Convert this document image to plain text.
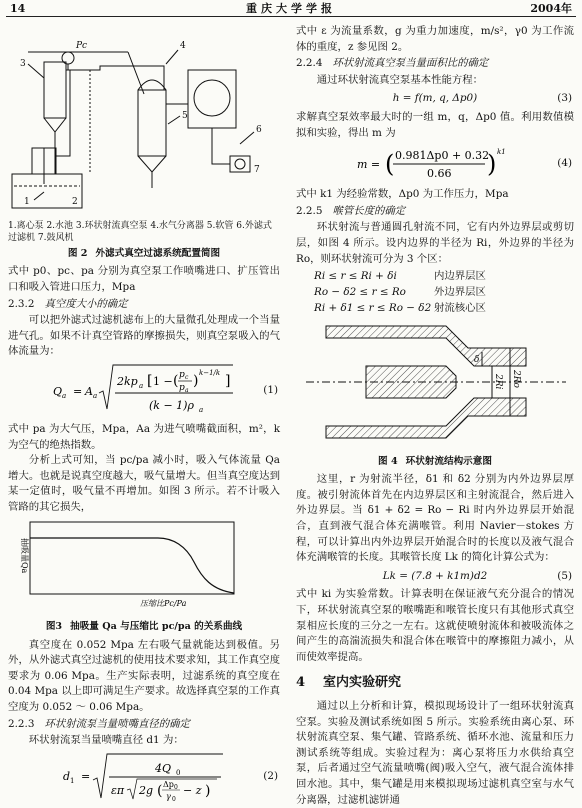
14	重庆大学学报	2004年
1	2
3
4
5
6
7
Pc
1.离心泵 2.水池 3.环状射流真空泵 4.水气分离器 5.软管 6.外滤式过滤机 7.鼓风机
图 2 外滤式真空过滤系统配置简图

式中 p0、pc、pa 分别为真空泵工作喷嘴进口、扩压管出口和吸入管进口压力，Mpa

2.3.2 真空度大小的确定

可以把外滤式过滤机滤布上的大量微孔处理成一个当量进气孔。如果不计真空管路的摩擦损失，则真空泵吸入的气体流量为：

Q a = A a
2kp a [ 1 − ( p c
p a
) k−1/k ]
(k − 1)ρ a
(1)

式中 pa 为大气压，Mpa，Aa 为进气喷嘴截面积，m²，k 为空气的绝热指数。

分析上式可知，当 pc/pa 减小时，吸入气体流量 Qa 增大。也就是说真空度越大，吸气量增大。但当真空度达到某一定值时，吸气量不再增加。如图 3 所示。若不计吸入管路的其它损失，

抽吸量Qa
压缩比Pc/Pa
图3 抽吸量 Qa 与压缩比 pc/pa 的关系曲线

真空度在 0.052 Mpa 左右吸气量就能达到极值。另外，从外滤式真空过滤机的使用技术要求知，其工作真空度要求为 0.06 Mpa。生产实际表明，过滤系统的真空度在 0.04 Mpa 以上即可满足生产要求。故选择真空泵的工作真空度为 0.052 ～ 0.06 Mpa。

2.2.3 环状射流泵当量喷嘴直径的确定

环状射流泵当量喷嘴直径 d1 为：

d 1 =
4Q 0
επ 2g ( Δp 0
γ 0
− z )
(2)

式中 ε 为流量系数，g 为重力加速度，m/s²，γ0 为工作流体的重度，z 参见图 2。

2.2.4 环状射流真空泵当量面积比的确定

通过环状射流真空泵基本性能方程：

h = f(m, q, Δp0)	(3)

求解真空泵效率最大时的一组 m，q，Δp0 值。利用数值模拟和实验，得出 m 为

m = ( 0.981Δp0 + 0.32
0.66 ) k1
(4)

式中 k1 为经验常数，Δp0 为工作压力，Mpa

2.2.5 喉管长度的确定

环状射流与普通圆孔射流不同，它有内外边界层或剪切层，如图 4 所示。设内边界的半径为 Ri，外边界的半径为 Ro，则环状射流可分为 3 个区：

Ri ≤ r ≤ Ri + δi	内边界层区
Ro − δ2 ≤ r ≤ Ro	外边界层区
Ri + δ1 ≤ r ≤ Ro − δ2 射流核心区
δ
2Ri 2Ro
图 4 环状射流结构示意图

这里，r 为射流半径，δ1 和 δ2 分别为内外边界层厚度。被引射流体首先在内边界层区和主射流混合，然后进入外边界层。当 δ1 + δ2 = Ro − Ri 时内外边界层开始混合，直到液气混合体充满喉管。利用 Navier－stokes 方程，可以计算出内外边界层开始混合时的长度以及液气混合体充满喉管的长度。其喉管长度 Lk 的简化计算公式为：

Lk = (7.8 + k1m)d2	(5)

式中 ki 为实验常数。计算表明在保证液气充分混合的情况下，环状射流真空泵的喉嘴距和喉管长度只有其他形式真空泵相应长度的三分之一左右。这就使喷射流体和被吸流体之间产生的高湍流损失和混合体在喉管中的摩擦阻力减小，从而使效率提高。

4 室内实验研究

通过以上分析和计算，模拟现场设计了一组环状射流真空泵。实验及测试系统如图 5 所示。实验系统由离心泵、环状射流真空泵、集气罐、管路系统、循环水池、流量和压力测试系统等组成。实验过程为：离心泵将压力水供给真空泵，后者通过空气流量喷嘴(阀)吸入空气，液气混合流体排回水池。其中，集气罐是用来模拟现场过滤机真空室与水气分离器，过滤机滤饼通
